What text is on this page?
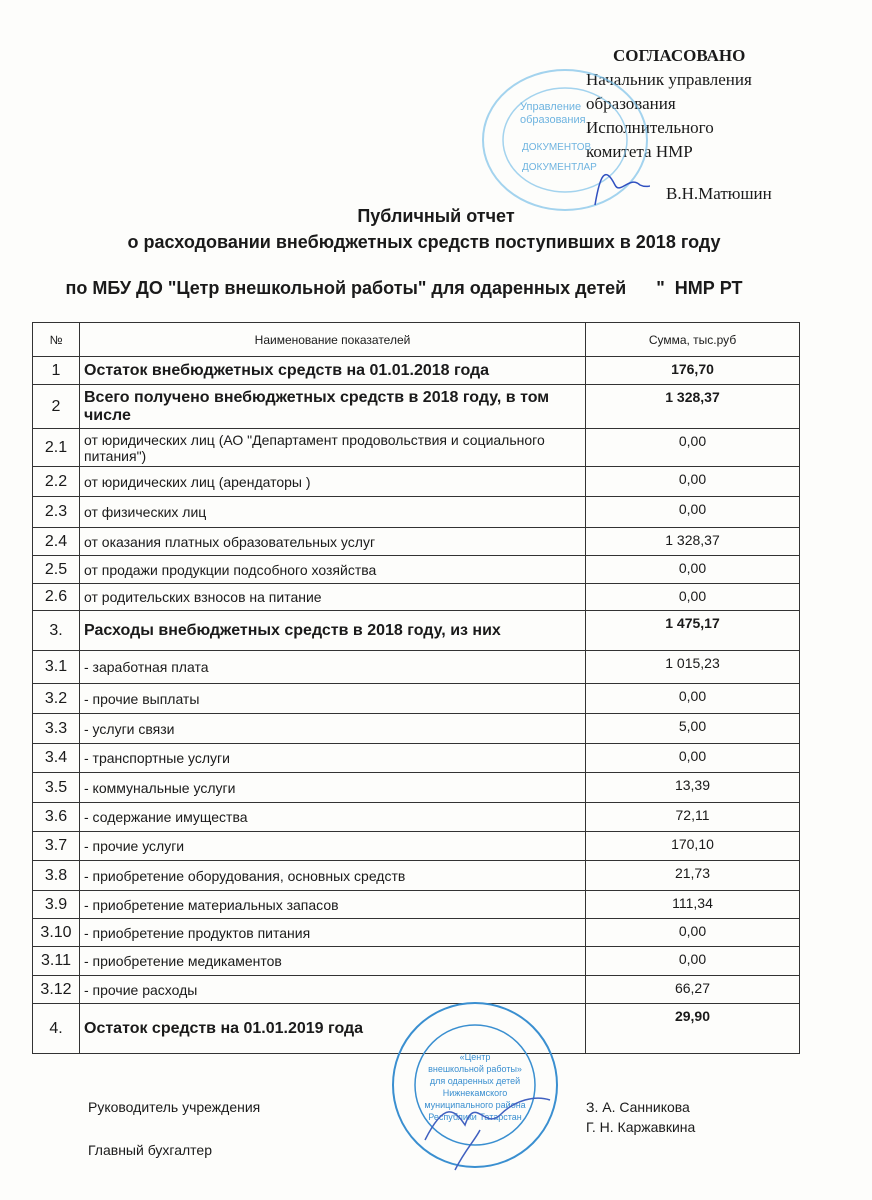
СОГЛАСОВАНО
Начальник управления
образования
Исполнительного
комитета НМР
В.Н.Матюшин
Управление
образования
ДОКУМЕНТОВ
ДОКУМЕНТЛАР
Публичный отчет
о расходовании внебюджетных средств поступивших в 2018 году
по МБУ ДО "Цетр внешкольной работы" для одаренных детей      "  НМР РТ
№	Наименование показателей	Сумма, тыс.руб
1	Остаток внебюджетных средств на 01.01.2018 года	176,70
2	Всего получено внебюджетных средств в 2018 году, в том числе	1 328,37
2.1	от юридических лиц (АО "Департамент продовольствия и социального питания")	0,00
2.2	от юридических лиц (арендаторы )	0,00
2.3	от физических лиц	0,00
2.4	от оказания платных образовательных услуг	1 328,37
2.5	от продажи продукции подсобного хозяйства	0,00
2.6	от родительских взносов на питание	0,00
3.	Расходы внебюджетных средств в 2018 году, из них	1 475,17
3.1	- заработная плата	1 015,23
3.2	- прочие выплаты	0,00
3.3	- услуги связи	5,00
3.4	- транспортные услуги	0,00
3.5	- коммунальные услуги	13,39
3.6	- содержание имущества	72,11
3.7	- прочие услуги	170,10
3.8	- приобретение оборудования, основных средств	21,73
3.9	- приобретение материальных запасов	111,34
3.10	- приобретение продуктов питания	0,00
3.11	- приобретение медикаментов	0,00
3.12	- прочие расходы	66,27
4.	Остаток средств на 01.01.2019 года	29,90
«Центр
внешкольной работы»
для одаренных детей
Нижнекамского
муниципального района
Республики Татарстан
Руководитель учреждения
Главный бухгалтер
З. А. Санникова
Г. Н. Каржавкина
